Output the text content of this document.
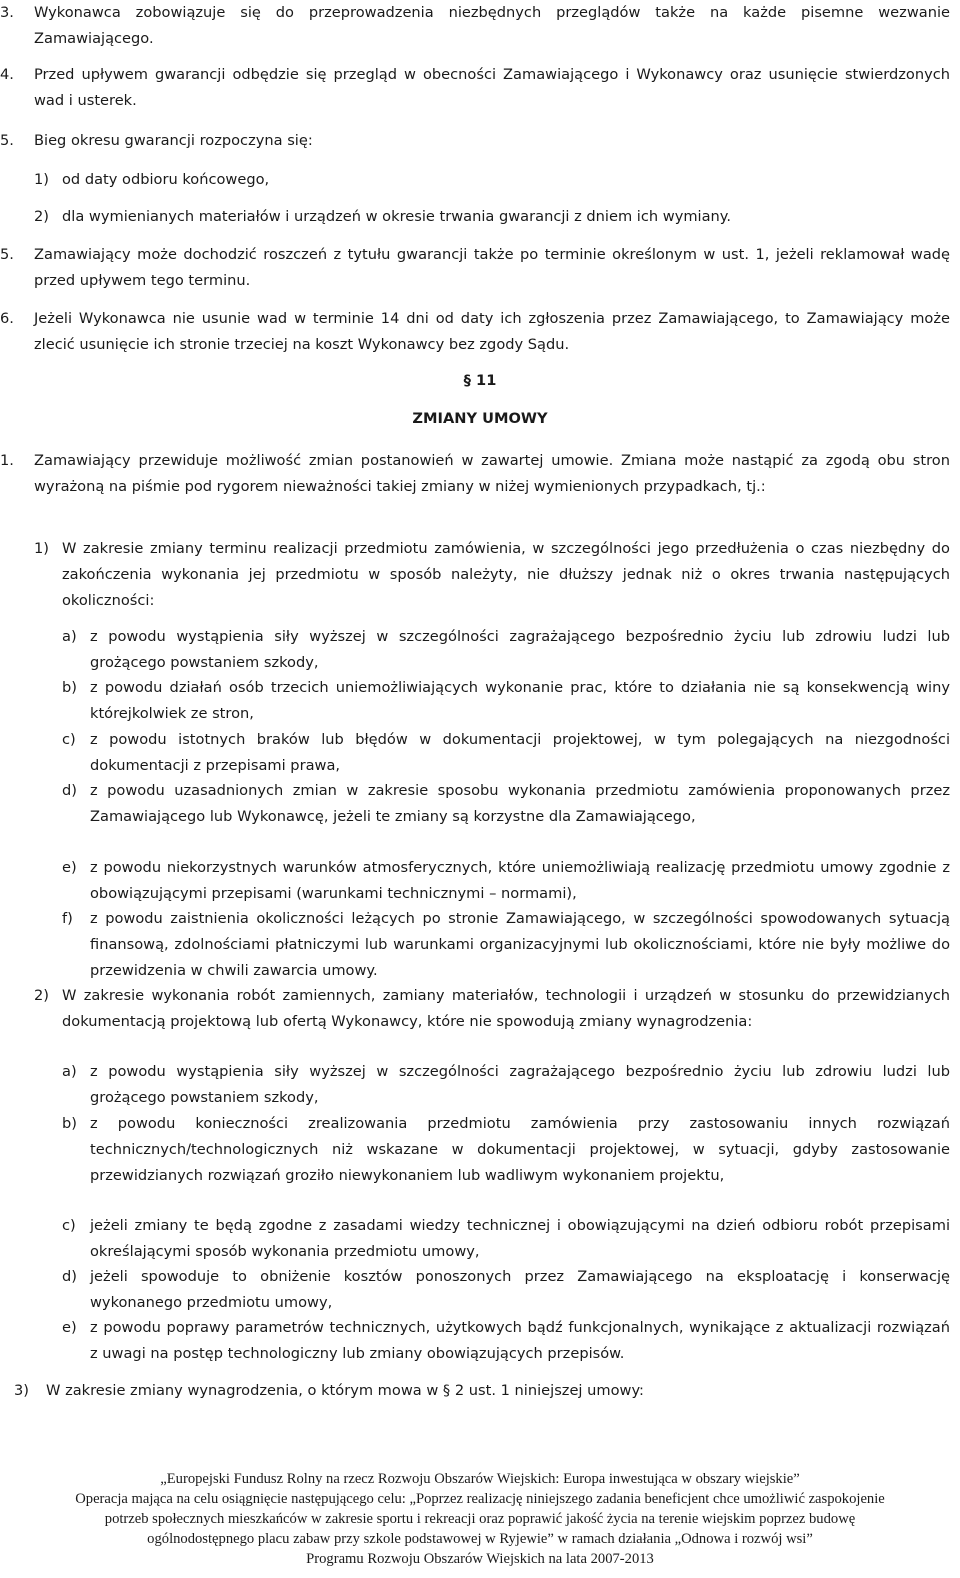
3. Wykonawca zobowiązuje się do przeprowadzenia niezbędnych przeglądów także na każde pisemne wezwanie Zamawiającego.
4. Przed upływem gwarancji odbędzie się przegląd w obecności Zamawiającego i Wykonawcy oraz usunięcie stwierdzonych wad i usterek.
5. Bieg okresu gwarancji rozpoczyna się:
1) od daty odbioru końcowego,
2) dla wymienianych materiałów i urządzeń w okresie trwania gwarancji z dniem ich wymiany.
5. Zamawiający może dochodzić roszczeń z tytułu gwarancji także po terminie określonym w ust. 1, jeżeli reklamował wadę przed upływem tego terminu.
6. Jeżeli Wykonawca nie usunie wad w terminie 14 dni od daty ich zgłoszenia przez Zamawiającego, to Zamawiający może zlecić usunięcie ich stronie trzeciej na koszt Wykonawcy bez zgody Sądu.
§ 11
ZMIANY UMOWY
1. Zamawiający przewiduje możliwość zmian postanowień w zawartej umowie. Zmiana może nastąpić za zgodą obu stron wyrażoną na piśmie pod rygorem nieważności takiej zmiany w niżej wymienionych przypadkach, tj.:
1) W zakresie zmiany terminu realizacji przedmiotu zamówienia, w szczególności jego przedłużenia o czas niezbędny do zakończenia wykonania jej przedmiotu w sposób należyty, nie dłuższy jednak niż o okres trwania następujących okoliczności:
a) z powodu wystąpienia siły wyższej w szczególności zagrażającego bezpośrednio życiu lub zdrowiu ludzi lub grożącego powstaniem szkody,
b) z powodu działań osób trzecich uniemożliwiających wykonanie prac, które to działania nie są konsekwencją winy którejkolwiek ze stron,
c) z powodu istotnych braków lub błędów w dokumentacji projektowej, w tym polegających na niezgodności dokumentacji z przepisami prawa,
d) z powodu uzasadnionych zmian w zakresie sposobu wykonania przedmiotu zamówienia proponowanych przez Zamawiającego lub Wykonawcę, jeżeli te zmiany są korzystne dla Zamawiającego,
e) z powodu niekorzystnych warunków atmosferycznych, które uniemożliwiają realizację przedmiotu umowy zgodnie z obowiązującymi przepisami (warunkami technicznymi – normami),
f) z powodu zaistnienia okoliczności leżących po stronie Zamawiającego, w szczególności spowodowanych sytuacją finansową, zdolnościami płatniczymi lub warunkami organizacyjnymi lub okolicznościami, które nie były możliwe do przewidzenia w chwili zawarcia umowy.
2) W zakresie wykonania robót zamiennych, zamiany materiałów, technologii i urządzeń w stosunku do przewidzianych dokumentacją projektową lub ofertą Wykonawcy, które nie spowodują zmiany wynagrodzenia:
a) z powodu wystąpienia siły wyższej w szczególności zagrażającego bezpośrednio życiu lub zdrowiu ludzi lub grożącego powstaniem szkody,
b) z powodu konieczności zrealizowania przedmiotu zamówienia przy zastosowaniu innych rozwiązań technicznych/technologicznych niż wskazane w dokumentacji projektowej, w sytuacji, gdyby zastosowanie przewidzianych rozwiązań groziło niewykonaniem lub wadliwym wykonaniem projektu,
c) jeżeli zmiany te będą zgodne z zasadami wiedzy technicznej i obowiązującymi na dzień odbioru robót przepisami określającymi sposób wykonania przedmiotu umowy,
d) jeżeli spowoduje to obniżenie kosztów ponoszonych przez Zamawiającego na eksploatację i konserwację wykonanego przedmiotu umowy,
e) z powodu poprawy parametrów technicznych, użytkowych bądź funkcjonalnych, wynikające z aktualizacji rozwiązań z uwagi na postęp technologiczny lub zmiany obowiązujących przepisów.
3) W zakresie zmiany wynagrodzenia, o którym mowa w § 2 ust. 1 niniejszej umowy:
„Europejski Fundusz Rolny na rzecz Rozwoju Obszarów Wiejskich: Europa inwestująca w obszary wiejskie”
Operacja mająca na celu osiągnięcie następującego celu: „Poprzez realizację niniejszego zadania beneficjent chce umożliwić zaspokojenie
potrzeb społecznych mieszkańców w zakresie sportu i rekreacji oraz poprawić jakość życia na terenie wiejskim poprzez budowę
ogólnodostępnego placu zabaw przy szkole podstawowej w Ryjewie” w ramach działania „Odnowa i rozwój wsi”
Programu Rozwoju Obszarów Wiejskich na lata 2007-2013
